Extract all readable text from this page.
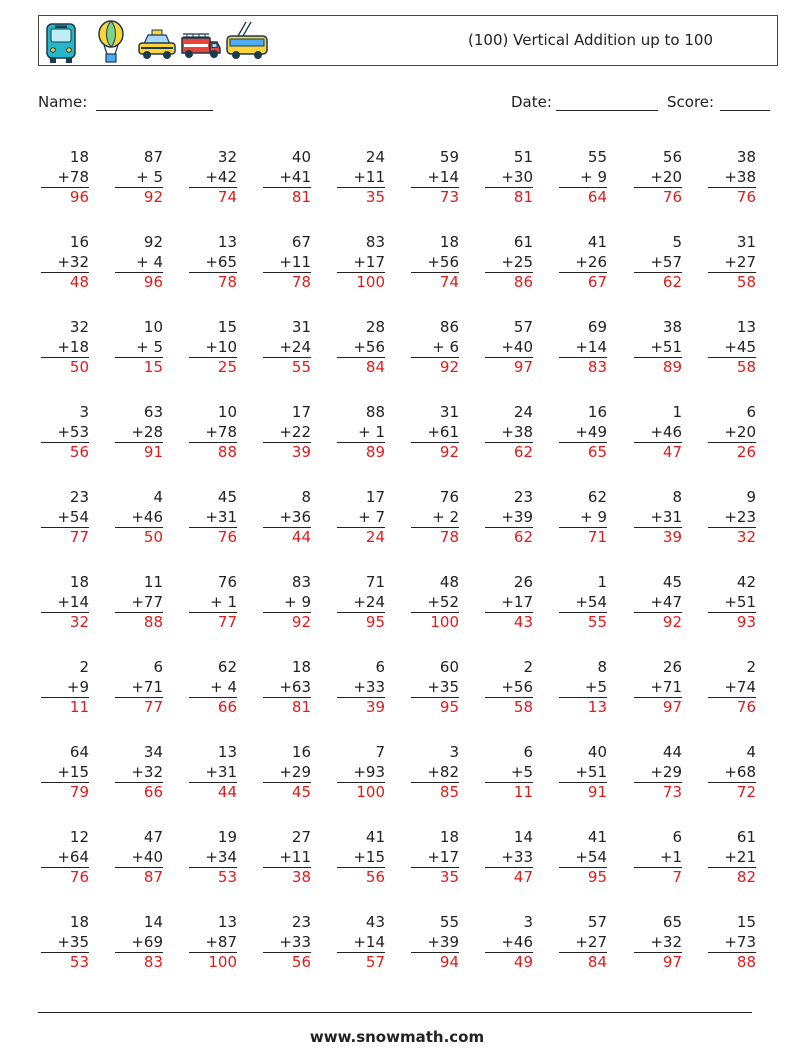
(100) Vertical Addition up to 100
Name:	Date:	Score:
18
+78
96
87
+ 5
92
32
+42
74
40
+41
81
24
+11
35
59
+14
73
51
+30
81
55
+ 9
64
56
+20
76
38
+38
76
16
+32
48
92
+ 4
96
13
+65
78
67
+11
78
83
+17
100
18
+56
74
61
+25
86
41
+26
67
5
+57
62
31
+27
58
32
+18
50
10
+ 5
15
15
+10
25
31
+24
55
28
+56
84
86
+ 6
92
57
+40
97
69
+14
83
38
+51
89
13
+45
58
3
+53
56
63
+28
91
10
+78
88
17
+22
39
88
+ 1
89
31
+61
92
24
+38
62
16
+49
65
1
+46
47
6
+20
26
23
+54
77
4
+46
50
45
+31
76
8
+36
44
17
+ 7
24
76
+ 2
78
23
+39
62
62
+ 9
71
8
+31
39
9
+23
32
18
+14
32
11
+77
88
76
+ 1
77
83
+ 9
92
71
+24
95
48
+52
100
26
+17
43
1
+54
55
45
+47
92
42
+51
93
2
+9
11
6
+71
77
62
+ 4
66
18
+63
81
6
+33
39
60
+35
95
2
+56
58
8
+5
13
26
+71
97
2
+74
76
64
+15
79
34
+32
66
13
+31
44
16
+29
45
7
+93
100
3
+82
85
6
+5
11
40
+51
91
44
+29
73
4
+68
72
12
+64
76
47
+40
87
19
+34
53
27
+11
38
41
+15
56
18
+17
35
14
+33
47
41
+54
95
6
+1
7
61
+21
82
18
+35
53
14
+69
83
13
+87
100
23
+33
56
43
+14
57
55
+39
94
3
+46
49
57
+27
84
65
+32
97
15
+73
88
www.snowmath.com
